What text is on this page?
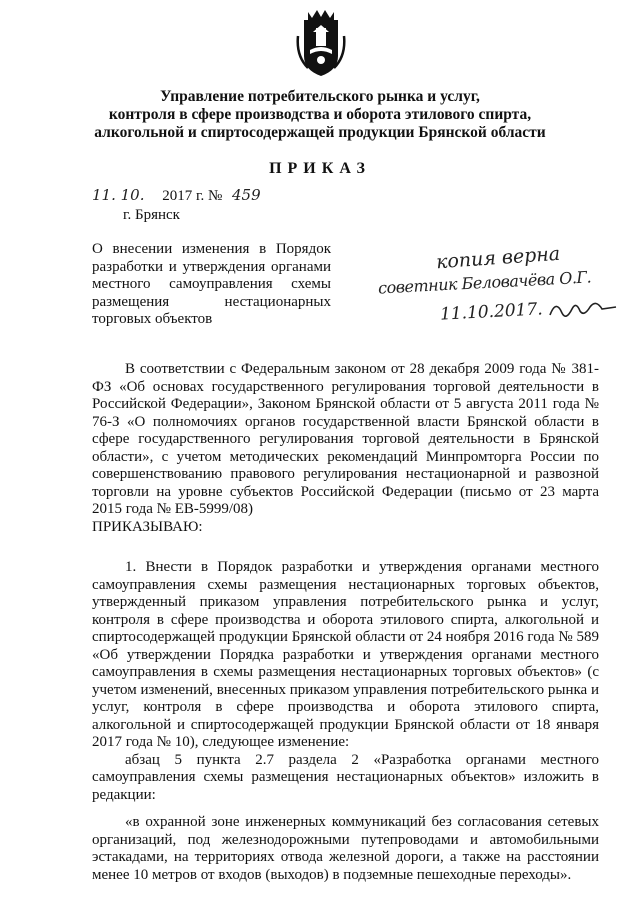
Управление потребительского рынка и услуг,
контроля в сфере производства и оборота этилового спирта,
алкогольной и спиртосодержащей продукции Брянской области
ПРИКАЗ
11. 10. 2017 г. № 459
г. Брянск
О внесении изменения в Порядок разработки и утверждения органами местного самоуправления схемы размещения нестационарных торговых объектов
копия верна
советник Беловачёва О.Г.
11.10.2017.

В соответствии с Федеральным законом от 28 декабря 2009 года № 381-ФЗ «Об основах государственного регулирования торговой деятельности в Российской Федерации», Законом Брянской области от 5 августа 2011 года № 76-З «О полномочиях органов государственной власти Брянской области в сфере государственного регулирования торговой деятельности в Брянской области», с учетом методических рекомендаций Минпромторга России по совершенствованию правового регулирования нестационарной и развозной торговли на уровне субъектов Российской Федерации (письмо от 23 марта 2015 года № ЕВ-5999/08)

ПРИКАЗЫВАЮ:

1. Внести в Порядок разработки и утверждения органами местного самоуправления схемы размещения нестационарных торговых объектов, утвержденный приказом управления потребительского рынка и услуг, контроля в сфере производства и оборота этилового спирта, алкогольной и спиртосодержащей продукции Брянской области от 24 ноября 2016 года № 589 «Об утверждении Порядка разработки и утверждения органами местного самоуправления в схемы размещения нестационарных торговых объектов» (с учетом изменений, внесенных приказом управления потребительского рынка и услуг, контроля в сфере производства и оборота этилового спирта, алкогольной и спиртосодержащей продукции Брянской области от 18 января 2017 года № 10), следующее изменение:

абзац 5 пункта 2.7 раздела 2 «Разработка органами местного самоуправления схемы размещения нестационарных объектов» изложить в редакции:

«в охранной зоне инженерных коммуникаций без согласования сетевых организаций, под железнодорожными путепроводами и автомобильными эстакадами, на территориях отвода железной дороги, а также на расстоянии менее 10 метров от входов (выходов) в подземные пешеходные переходы».
